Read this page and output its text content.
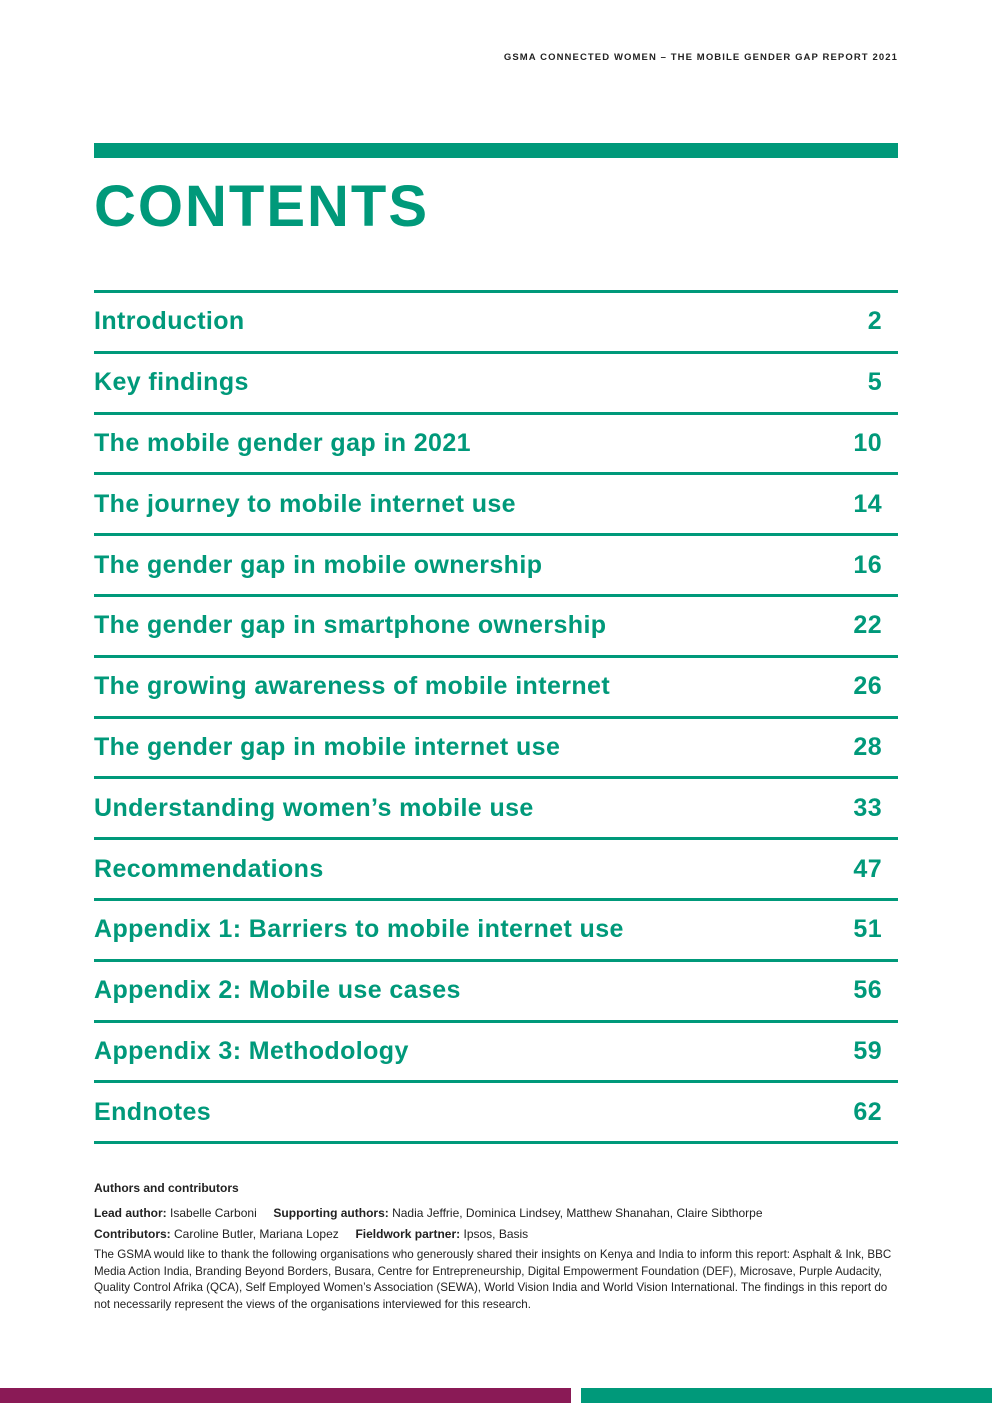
GSMA CONNECTED WOMEN – THE MOBILE GENDER GAP REPORT 2021
CONTENTS
Introduction	2
Key findings	5
The mobile gender gap in 2021	10
The journey to mobile internet use	14
The gender gap in mobile ownership	16
The gender gap in smartphone ownership	22
The growing awareness of mobile internet	26
The gender gap in mobile internet use	28
Understanding women’s mobile use	33
Recommendations	47
Appendix 1: Barriers to mobile internet use	51
Appendix 2: Mobile use cases	56
Appendix 3: Methodology	59
Endnotes	62
Authors and contributors
Lead author: Isabelle Carboni Supporting authors: Nadia Jeffrie, Dominica Lindsey, Matthew Shanahan, Claire Sibthorpe
Contributors: Caroline Butler, Mariana Lopez Fieldwork partner: Ipsos, Basis

The GSMA would like to thank the following organisations who generously shared their insights on Kenya and India to inform this report: Asphalt & Ink, BBC Media Action India, Branding Beyond Borders, Busara, Centre for Entrepreneurship, Digital Empowerment Foundation (DEF), Microsave, Purple Audacity, Quality Control Afrika (QCA), Self Employed Women’s Association (SEWA), World Vision India and World Vision International. The findings in this report do not necessarily represent the views of the organisations interviewed for this research.
